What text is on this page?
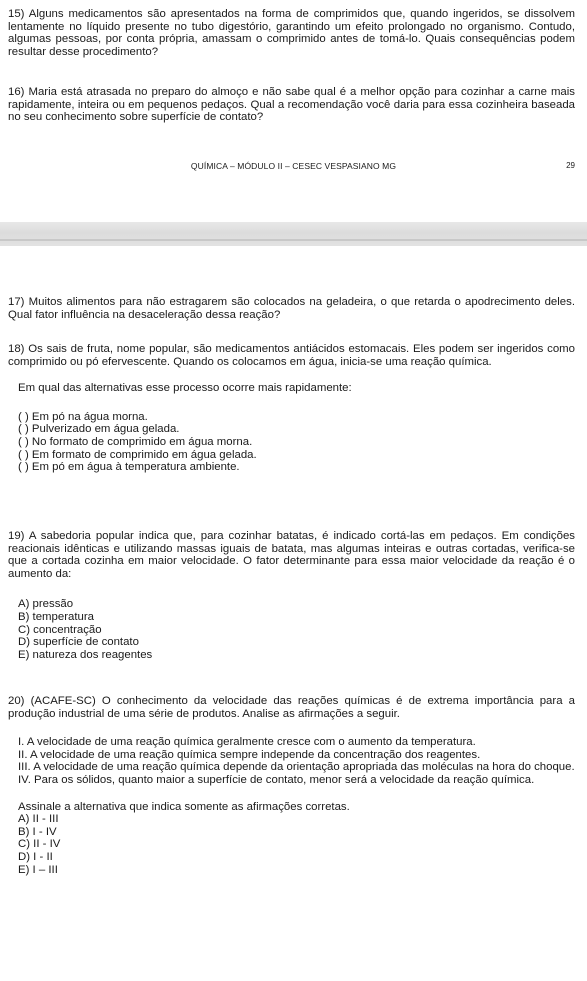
15) Alguns medicamentos são apresentados na forma de comprimidos que, quando ingeridos, se dissolvem lentamente no líquido presente no tubo digestório, garantindo um efeito prolongado no organismo. Contudo, algumas pessoas, por conta própria, amassam o comprimido antes de tomá-lo. Quais consequências podem resultar desse procedimento?

16) Maria está atrasada no preparo do almoço e não sabe qual é a melhor opção para cozinhar a carne mais rapidamente, inteira ou em pequenos pedaços. Qual a recomendação você daria para essa cozinheira baseada no seu conhecimento sobre superfície de contato?

QUÍMICA – MÓDULO II – CESEC VESPASIANO MG	29

17) Muitos alimentos para não estragarem são colocados na geladeira, o que retarda o apodrecimento deles. Qual fator influência na desaceleração dessa reação?

18) Os sais de fruta, nome popular, são medicamentos antiácidos estomacais. Eles podem ser ingeridos como comprimido ou pó efervescente. Quando os colocamos em água, inicia-se uma reação química.

Em qual das alternativas esse processo ocorre mais rapidamente:

( ) Em pó na água morna.
( ) Pulverizado em água gelada.
( ) No formato de comprimido em água morna.
( ) Em formato de comprimido em água gelada.
( ) Em pó em água à temperatura ambiente.

19) A sabedoria popular indica que, para cozinhar batatas, é indicado cortá-las em pedaços. Em condições reacionais idênticas e utilizando massas iguais de batata, mas algumas inteiras e outras cortadas, verifica-se que a cortada cozinha em maior velocidade. O fator determinante para essa maior velocidade da reação é o aumento da:

A) pressão
B) temperatura
C) concentração
D) superfície de contato
E) natureza dos reagentes

20) (ACAFE-SC) O conhecimento da velocidade das reações químicas é de extrema importância para a produção industrial de uma série de produtos. Analise as afirmações a seguir.

I. A velocidade de uma reação química geralmente cresce com o aumento da temperatura.
II. A velocidade de uma reação química sempre independe da concentração dos reagentes.
III. A velocidade de uma reação química depende da orientação apropriada das moléculas na hora do choque.
IV. Para os sólidos, quanto maior a superfície de contato, menor será a velocidade da reação química.

Assinale a alternativa que indica somente as afirmações corretas.

A) II - III
B) I - IV
C) II - IV
D) I - II
E) I – III
